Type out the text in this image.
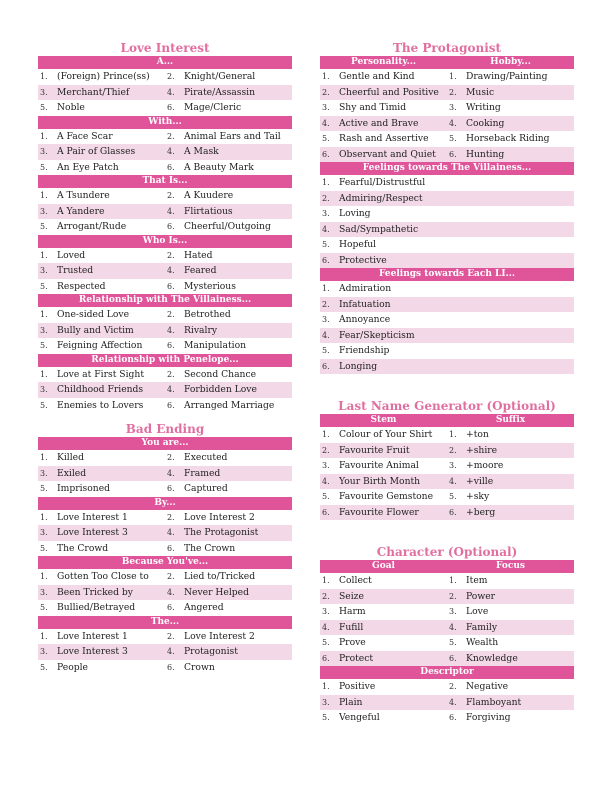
Love Interest
A...
1.	(Foreign) Prince(ss)	2.	Knight/General
3.	Merchant/Thief	4.	Pirate/Assassin
5.	Noble	6.	Mage/Cleric
With...
1.	A Face Scar	2.	Animal Ears and Tail
3.	A Pair of Glasses	4.	A Mask
5.	An Eye Patch	6.	A Beauty Mark
That Is...
1.	A Tsundere	2.	A Kuudere
3.	A Yandere	4.	Flirtatious
5.	Arrogant/Rude	6.	Cheerful/Outgoing
Who Is...
1.	Loved	2.	Hated
3.	Trusted	4.	Feared
5.	Respected	6.	Mysterious
Relationship with The Villainess...
1.	One-sided Love	2.	Betrothed
3.	Bully and Victim	4.	Rivalry
5.	Feigning Affection	6.	Manipulation
Relationship with Penelope...
1.	Love at First Sight	2.	Second Chance
3.	Childhood Friends	4.	Forbidden Love
5.	Enemies to Lovers	6.	Arranged Marriage
Bad Ending
You are...
1.	Killed	2.	Executed
3.	Exiled	4.	Framed
5.	Imprisoned	6.	Captured
By...
1.	Love Interest 1	2.	Love Interest 2
3.	Love Interest 3	4.	The Protagonist
5.	The Crowd	6.	The Crown
Because You've...
1.	Gotten Too Close to	2.	Lied to/Tricked
3.	Been Tricked by	4.	Never Helped
5.	Bullied/Betrayed	6.	Angered
The...
1.	Love Interest 1	2.	Love Interest 2
3.	Love Interest 3	4.	Protagonist
5.	People	6.	Crown
The Protagonist
Personality...	Hobby...
1.	Gentle and Kind	1.	Drawing/Painting
2.	Cheerful and Positive	2.	Music
3.	Shy and Timid	3.	Writing
4.	Active and Brave	4.	Cooking
5.	Rash and Assertive	5.	Horseback Riding
6.	Observant and Quiet	6.	Hunting
Feelings towards The Villainess...
1.	Fearful/Distrustful
2.	Admiring/Respect
3.	Loving
4.	Sad/Sympathetic
5.	Hopeful
6.	Protective
Feelings towards Each LI...
1.	Admiration
2.	Infatuation
3.	Annoyance
4.	Fear/Skepticism
5.	Friendship
6.	Longing
Last Name Generator (Optional)
Stem	Suffix
1.	Colour of Your Shirt	1.	+ton
2.	Favourite Fruit	2.	+shire
3.	Favourite Animal	3.	+moore
4.	Your Birth Month	4.	+ville
5.	Favourite Gemstone	5.	+sky
6.	Favourite Flower	6.	+berg
Character (Optional)
Goal	Focus
1.	Collect	1.	Item
2.	Seize	2.	Power
3.	Harm	3.	Love
4.	Fufill	4.	Family
5.	Prove	5.	Wealth
6.	Protect	6.	Knowledge
Descriptor
1.	Positive	2.	Negative
3.	Plain	4.	Flamboyant
5.	Vengeful	6.	Forgiving
